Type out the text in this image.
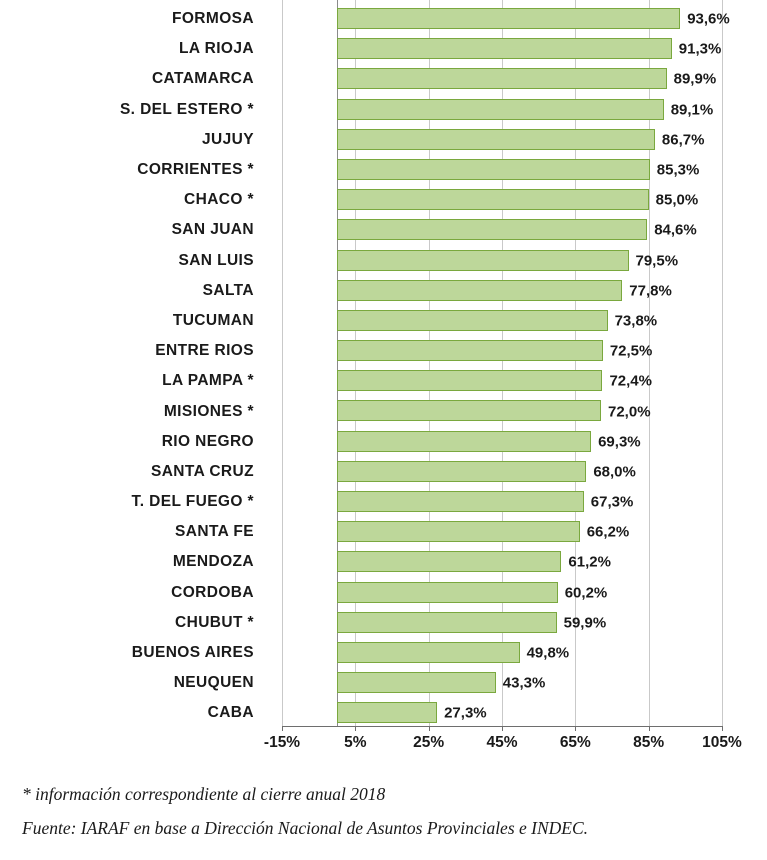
FORMOSA	93,6%
LA RIOJA	91,3%
CATAMARCA	89,9%
S. DEL ESTERO *	89,1%
JUJUY	86,7%
CORRIENTES *	85,3%
CHACO *	85,0%
SAN JUAN	84,6%
SAN LUIS	79,5%
SALTA	77,8%
TUCUMAN	73,8%
ENTRE RIOS	72,5%
LA PAMPA *	72,4%
MISIONES *	72,0%
RIO NEGRO	69,3%
SANTA CRUZ	68,0%
T. DEL FUEGO *	67,3%
SANTA FE	66,2%
MENDOZA	61,2%
CORDOBA	60,2%
CHUBUT *	59,9%
BUENOS AIRES	49,8%
NEUQUEN	43,3%
CABA	27,3%
-15%	5%	25%	45%	65%	85% 105%
* información correspondiente al cierre anual 2018
Fuente: IARAF en base a Dirección Nacional de Asuntos Provinciales e INDEC.
